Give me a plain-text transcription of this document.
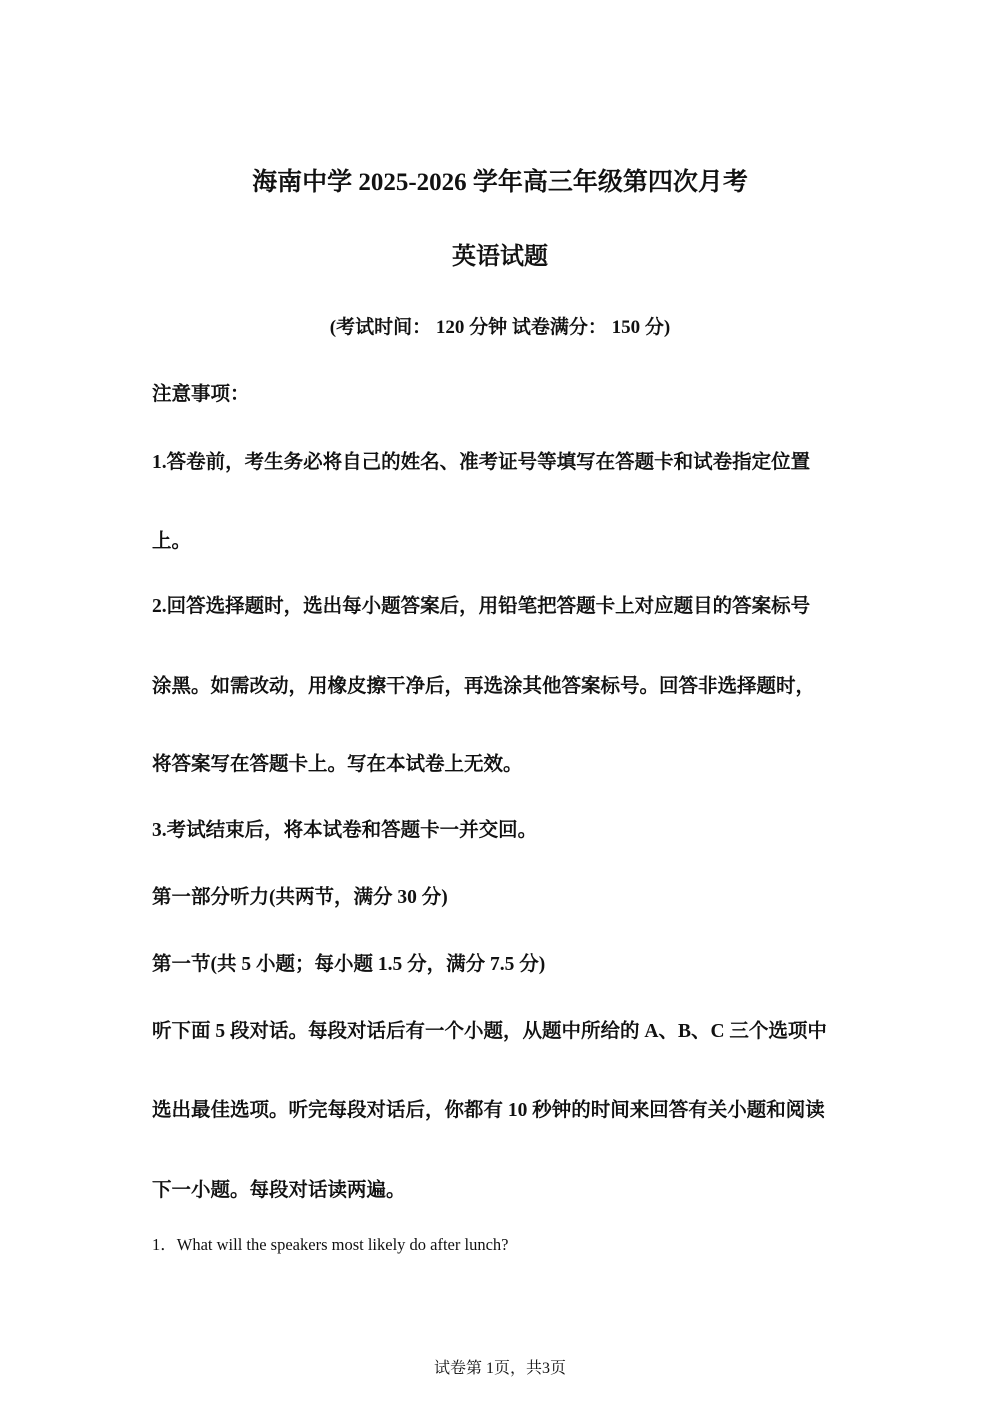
海南中学 2025-2026 学年高三年级第四次月考
英语试题
(考试时间： 120 分钟 试卷满分： 150 分)
注意事项：
1.答卷前，考生务必将自己的姓名、准考证号等填写在答题卡和试卷指定位置
上。
2.回答选择题时，选出每小题答案后，用铅笔把答题卡上对应题目的答案标号
涂黑。如需改动，用橡皮擦干净后，再选涂其他答案标号。回答非选择题时，
将答案写在答题卡上。写在本试卷上无效。
3.考试结束后，将本试卷和答题卡一并交回。
第一部分听力(共两节，满分 30 分)
第一节(共 5 小题；每小题 1.5 分，满分 7.5 分)
听下面 5 段对话。每段对话后有一个小题，从题中所给的 A、B、C 三个选项中
选出最佳选项。听完每段对话后，你都有 10 秒钟的时间来回答有关小题和阅读
下一小题。每段对话读两遍。
1．What will the speakers most likely do after lunch?
试卷第 1页，共3页
